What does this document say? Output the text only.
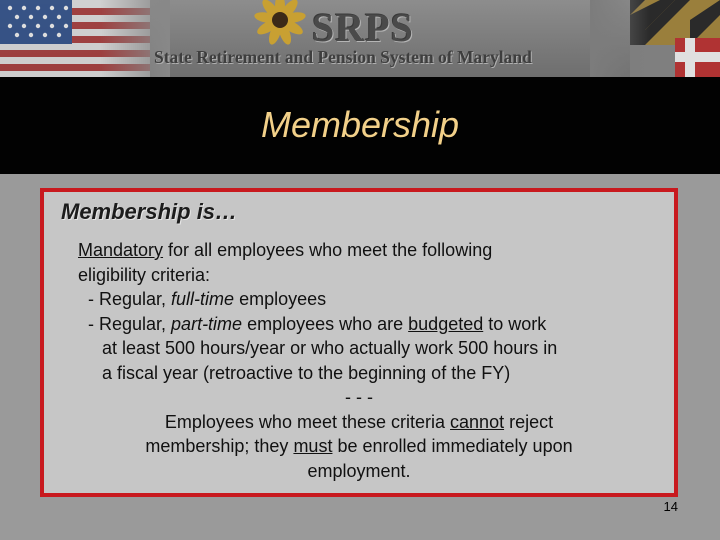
SRPS
State Retirement and Pension System of Maryland
Membership
Membership is…
Mandatory for all employees who meet the following
eligibility criteria:
- Regular, full-time employees
- Regular, part-time employees who are budgeted to work
at least 500 hours/year or who actually work 500 hours in
a fiscal year (retroactive to the beginning of the FY)
- - -
Employees who meet these criteria cannot reject
membership; they must be enrolled immediately upon
employment.
14
